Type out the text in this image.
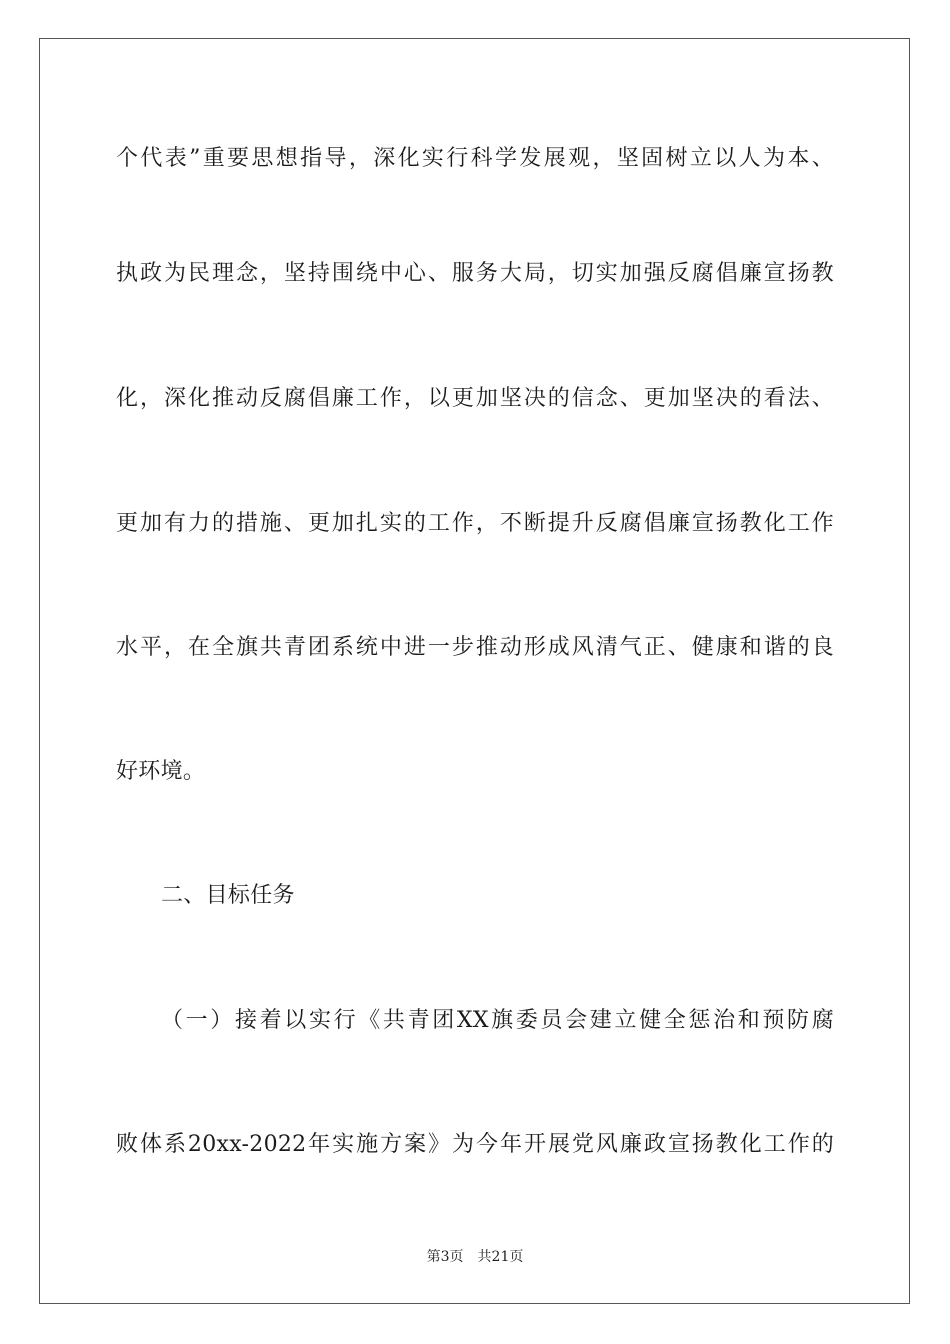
个代表”重要思想指导，深化实行科学发展观，坚固树立以人为本、
执政为民理念，坚持围绕中心、服务大局，切实加强反腐倡廉宣扬教
化，深化推动反腐倡廉工作，以更加坚决的信念、更加坚决的看法、
更加有力的措施、更加扎实的工作，不断提升反腐倡廉宣扬教化工作
水平，在全旗共青团系统中进一步推动形成风清气正、健康和谐的良
好环境。
二、目标任务
（一）接着以实行《共青团XX旗委员会建立健全惩治和预防腐
败体系20xx-2022年实施方案》为今年开展党风廉政宣扬教化工作的
第3页 共21页
